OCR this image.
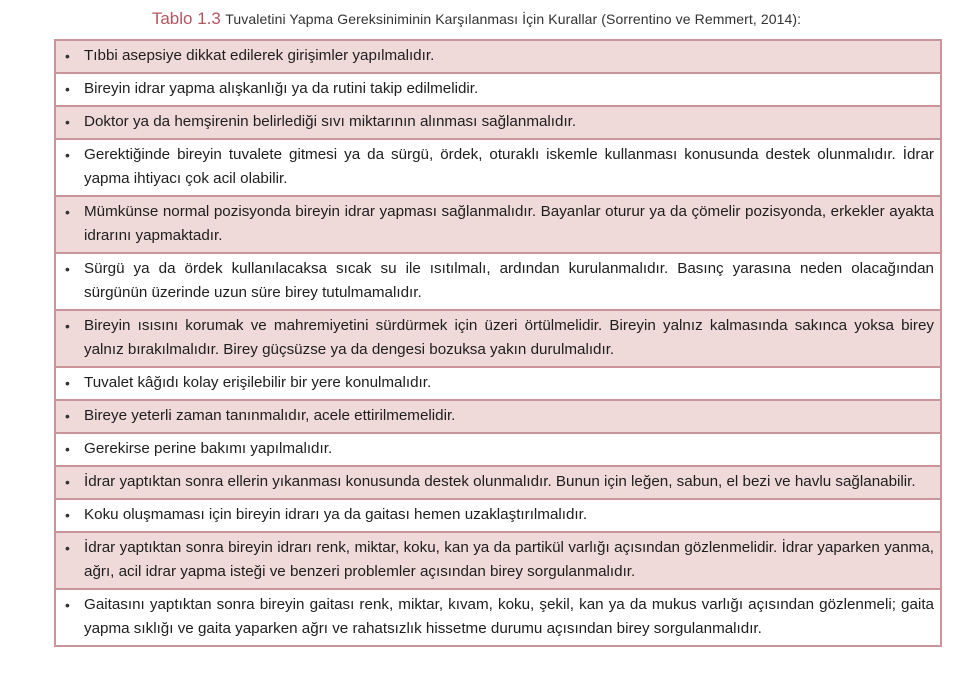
Tablo 1.3 Tuvaletini Yapma Gereksiniminin Karşılanması İçin Kurallar (Sorrentino ve Remmert, 2014):
• Tıbbi asepsiye dikkat edilerek girişimler yapılmalıdır.

• Bireyin idrar yapma alışkanlığı ya da rutini takip edilmelidir.

• Doktor ya da hemşirenin belirlediği sıvı miktarının alınması sağlanmalıdır.

• Gerektiğinde bireyin tuvalete gitmesi ya da sürgü, ördek, oturaklı iskemle kullanması konusunda destek olunmalıdır. İdrar yapma ihtiyacı çok acil olabilir.

• Mümkünse normal pozisyonda bireyin idrar yapması sağlanmalıdır. Bayanlar oturur ya da çömelir pozisyonda, erkekler ayakta idrarını yapmaktadır.

• Sürgü ya da ördek kullanılacaksa sıcak su ile ısıtılmalı, ardından kurulanmalıdır. Basınç yarasına neden olacağından sürgünün üzerinde uzun süre birey tutulmamalıdır.

• Bireyin ısısını korumak ve mahremiyetini sürdürmek için üzeri örtülmelidir. Bireyin yalnız kalmasında sakınca yoksa birey yalnız bırakılmalıdır. Birey güçsüzse ya da dengesi bozuksa yakın durulmalıdır.

• Tuvalet kâğıdı kolay erişilebilir bir yere konulmalıdır.

• Bireye yeterli zaman tanınmalıdır, acele ettirilmemelidir.

• Gerekirse perine bakımı yapılmalıdır.

• İdrar yaptıktan sonra ellerin yıkanması konusunda destek olunmalıdır. Bunun için leğen, sabun, el bezi ve havlu sağlanabilir.

• Koku oluşmaması için bireyin idrarı ya da gaitası hemen uzaklaştırılmalıdır.

• İdrar yaptıktan sonra bireyin idrarı renk, miktar, koku, kan ya da partikül varlığı açısından gözlenmelidir. İdrar yaparken yanma, ağrı, acil idrar yapma isteği ve benzeri problemler açısından birey sorgulanmalıdır.

• Gaitasını yaptıktan sonra bireyin gaitası renk, miktar, kıvam, koku, şekil, kan ya da mukus varlığı açısından gözlenmeli; gaita yapma sıklığı ve gaita yaparken ağrı ve rahatsızlık hissetme durumu açısından birey sorgulanmalıdır.
